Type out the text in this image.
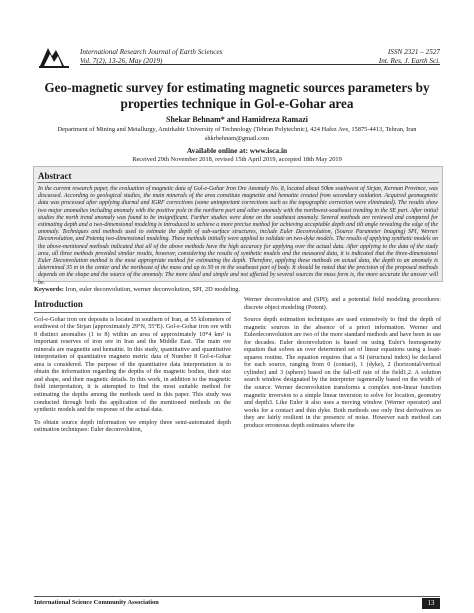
International Research Journal of Earth Sciences
Vol. 7(2), 13-26, May (2019)
ISSN 2321 – 2527
Int. Res. J. Earth Sci.
Geo-magnetic survey for estimating magnetic sources parameters by properties technique in Gol-e-Gohar area
Shekar Behnam* and Hamidreza Ramazi
Department of Mining and Metallurgy, Amirkabir University of Technology (Tehran Polytechnic), 424 Hafez Ave, 15875-4413, Tehran, Iran
shkrbehnam@gmail.com
Available online at: www.isca.in
Received 29th November 2018, revised 15th April 2019, accepted 18th May 2019
Abstract
In the current research paper, the evaluation of magnetic data of Gol-e-Gohar Iron Ore Anomaly No. 8, located about 50km southwest of Sirjan, Kerman Province, was discussed. According to geological studies, the main minerals of the area constitute magnetite and hematite created from secondary oxidation. Acquired geomagnetic data was processed after applying diurnal and IGRF corrections (some unimportant corrections such as the topographic correction were eliminated). The results show two major anomalies including anomaly with the positive pole in the northern part and other anomaly with the northwest-southeast trending in the SE part. After initial studies the north trend anomaly was found to be insignificant. Further studies were done on the southeast anomaly. Several methods are reviewed and compared for estimating depth and a two-dimensional modeling is introduced to achieve a more precise method for achieving acceptable depth and tilt angle revealing the edge of the anomaly. Techniques and methods used to estimate the depth of sub-surface structures, include Euler Deconvolution, (Source Parameter Imaging) SPI, Werner Deconvolution, and Potentq two-dimensional modeling. These methods initially were applied to validate on two-dyke models. The results of applying synthetic models on the above-mentioned methods indicated that all of the above methods have the high accuracy for applying over the actual data. After applying to the data of the study area, all three methods provided similar results, however, considering the results of synthetic models and the measured data, it is indicated that the three-dimensional Euler Deconvolution method is the most appropriate method for estimating the depth. Therefore, applying these methods on actual data, the depth to an anomaly is determined 35 m in the center and the northeast of the mass and up to 50 m in the southeast part of body. It should be noted that the precision of the proposed methods depends on the shape and the source of the anomaly. The more ideal and simple and not affected by several sources the mass form is, the more accurate the answer will be.
Keywords: Iron, euler deconvolution, werner deconvolution, SPI, 2D modeling.
Introduction

Gol-e-Gohar iron ore deposits is located in southern of Iran, at 55 kilometers of southwest of the Sirjan (approximately 29°N, 55°E). Gol-e-Gohar iron ore with 8 distinct anomalies (1 to 8) within an area of approximately 10*4 km² is important reserves of iron ore in Iran and the Middle East. The main ore minerals are magnetite and hematite. In this study, quantitative and quantitative interpretation of quantitative magneto metric data of Number 8 Gol-e-Gohar area is considered. The purpose of the quantitative data interpretation is to obtain the information regarding the depths of the magnetic bodies, their size and shape, and their magnetic details. In this work, in addition to the magnetic field interpretation, it is attempted to find the most suitable method for estimating the depths among the methods used in this paper. This study was conducted through both the application of the mentioned methods on the synthetic models and the response of the actual data.

To obtain source depth information we employ three semi-automated depth estimation techniques: Euler deconvolution,

Werner deconvolution and (SPI); and a potential field modeling procedures: discrete object modeling (Potent).

Source depth estimation techniques are used extensively to find the depth of magnetic sources in the absence of a priori information. Werner and Eulerdeconvolution are two of the more standard methods and have been in use for decades. Euler deconvolution is based on using Euler's homogeneity equation that solves an over determined set of linear equations using a least-squares routine. The equation requires that a SI (structural index) be declared for each source, ranging from 0 (contact), 1 (dyke), 2 (horizontal/vertical cylinder) and 3 (sphere) based on the fall-off rate of the field1,2. A solution search window designated by the interpreter isgenerally based on the width of the source. Werner deconvolution transforms a complex non-linear function magnetic inversion to a simple linear inversion to solve for location, geometry and depth3. Like Euler it also uses a moving window (Werner operator) and works for a contact and thin dyke. Both methods use only first derivatives so they are fairly resilient in the presence of noise. However each method can produce erroneous depth estimates where the

International Science Community Association	13
